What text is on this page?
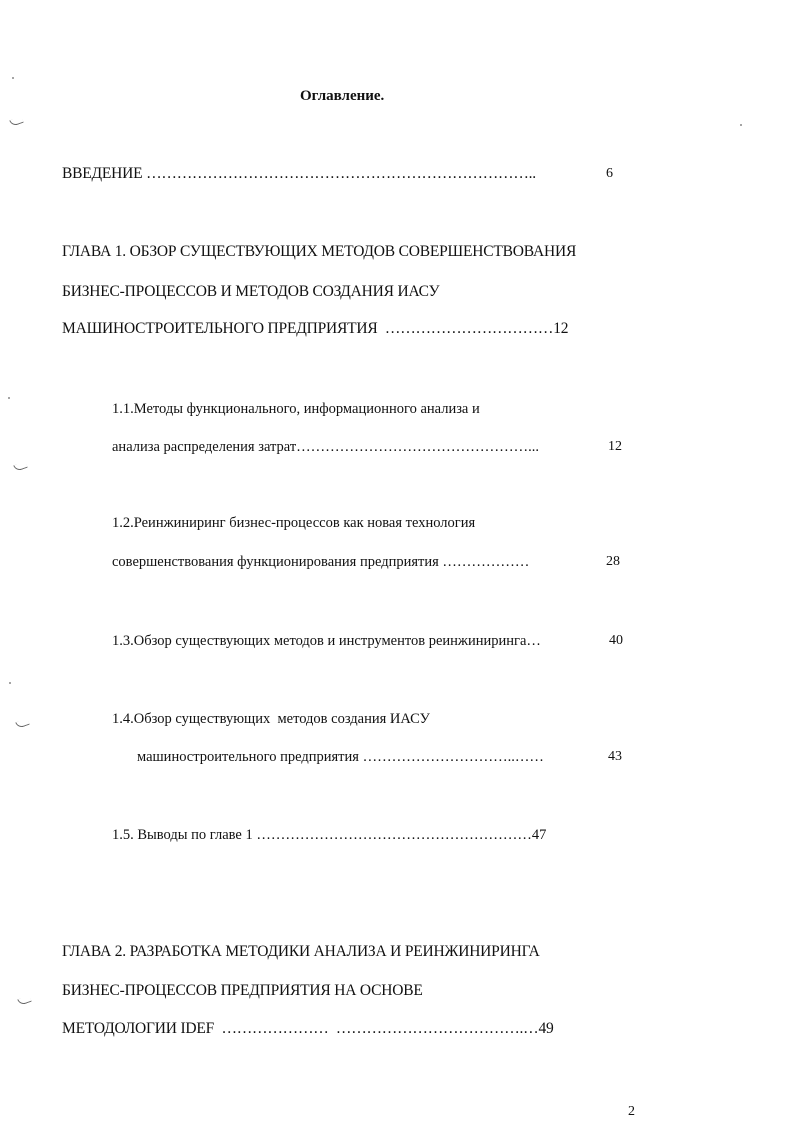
Оглавление.
ВВЕДЕНИЕ …………………………………………………………………..	6
ГЛАВА 1. ОБЗОР СУЩЕСТВУЮЩИХ МЕТОДОВ СОВЕРШЕНСТВОВАНИЯ
БИЗНЕС-ПРОЦЕССОВ И МЕТОДОВ СОЗДАНИЯ ИАСУ
МАШИНОСТРОИТЕЛЬНОГО ПРЕДПРИЯТИЯ  ……………………………12
1.1.Методы функционального, информационного анализа и
анализа распределения затрат…………………………………………...	12
1.2.Реинжиниринг бизнес-процессов как новая технология
совершенствования функционирования предприятия ………………	28
1.3.Обзор существующих методов и инструментов реинжиниринга…	40
1.4.Обзор существующих  методов создания ИАСУ
машиностроительного предприятия …………………………..……	43
1.5. Выводы по главе 1 …………………………………………………47
ГЛАВА 2. РАЗРАБОТКА МЕТОДИКИ АНАЛИЗА И РЕИНЖИНИРИНГА
БИЗНЕС-ПРОЦЕССОВ ПРЕДПРИЯТИЯ НА ОСНОВЕ
МЕТОДОЛОГИИ IDEF  …………………  ……………………………….…49
2
